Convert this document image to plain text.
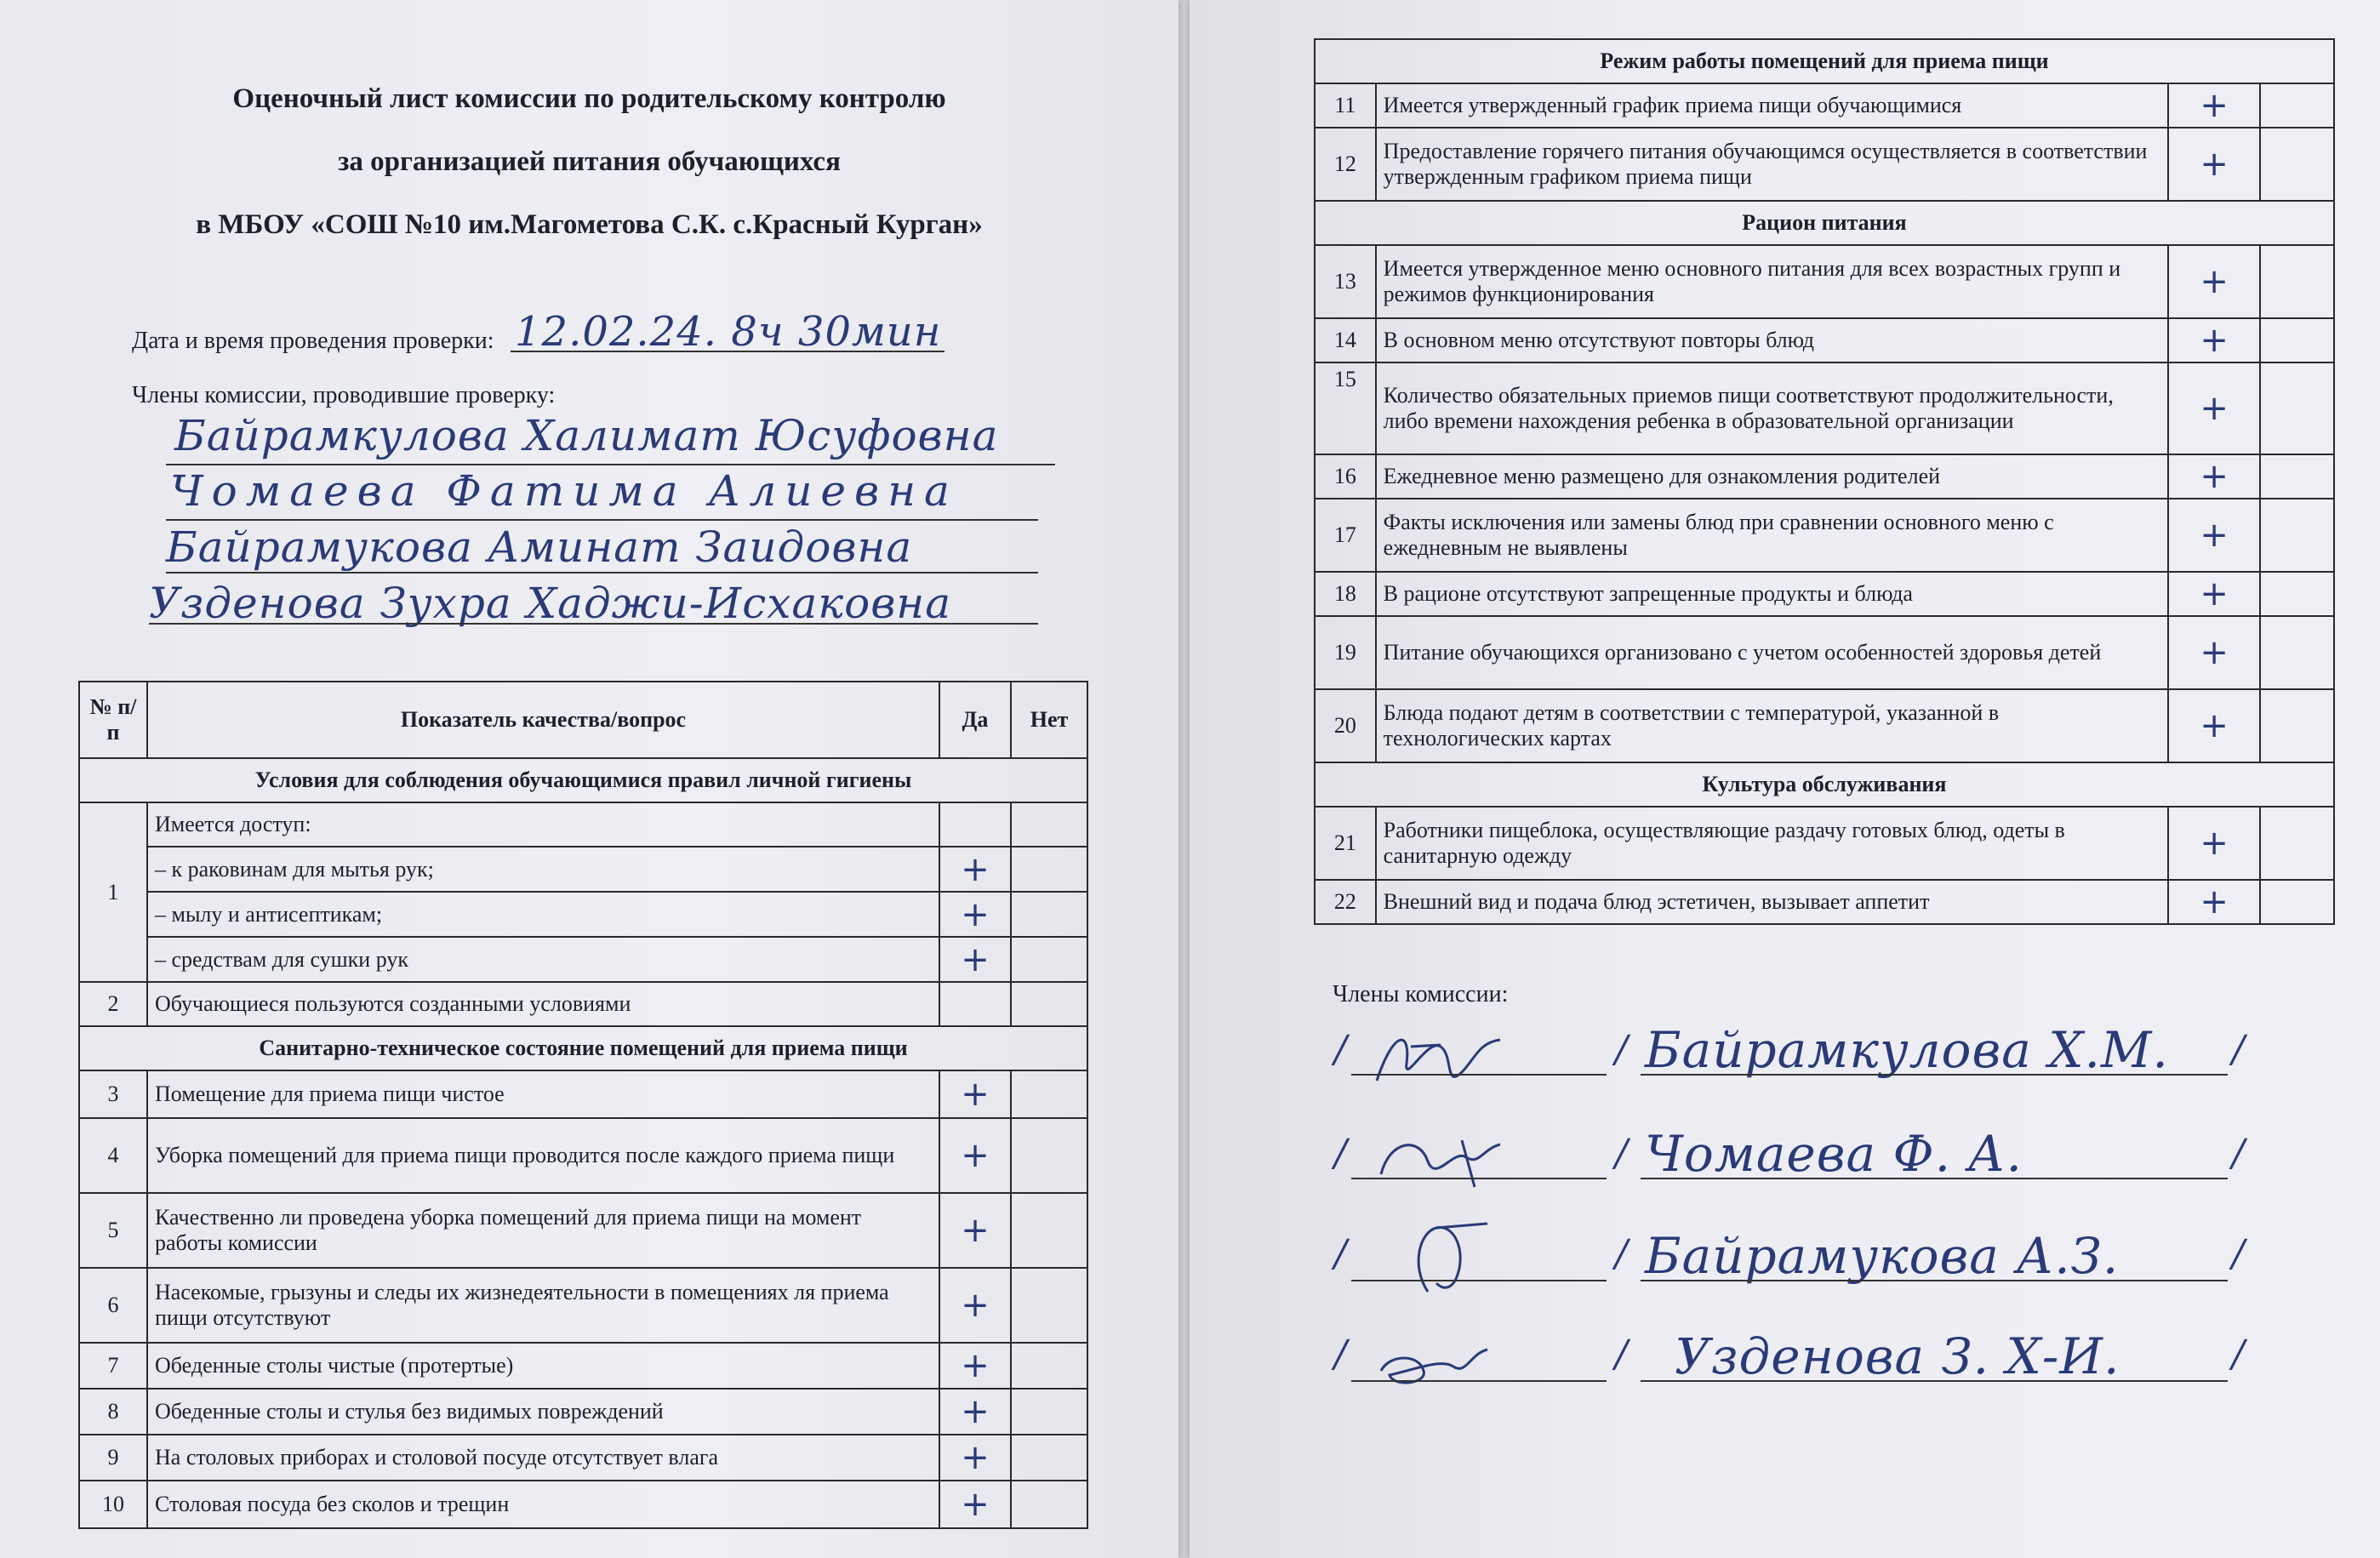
Оценочный лист комиссии по родительскому контролю
за организацией питания обучающихся
в МБОУ «СОШ №10 им.Магометова С.К. с.Красный Курган»
Дата и время проведения проверки: 12.02.24. 8ч 30мин
Члены комиссии, проводившие проверку:
Байрамкулова Халимат Юсуфовна
Чомаева Фатима Алиевна
Байрамукова Аминат Заидовна
Узденова Зухра Хаджи-Исхаковна
№ п/п	Показатель качества/вопрос	Да	Нет
Условия для соблюдения обучающимися правил личной гигиены			
1	Имеется доступ:		
	– к раковинам для мытья рук;	+	
	– мылу и антисептикам;	+	
	– средствам для сушки рук	+	
2	Обучающиеся пользуются созданными условиями		
Санитарно-техническое состояние помещений для приема пищи			
3	Помещение для приема пищи чистое	+	
4	Уборка помещений для приема пищи проводится после каждого приема пищи	+	
5	Качественно ли проведена уборка помещений для приема пищи на момент работы комиссии	+	
6	Насекомые, грызуны и следы их жизнедеятельности в помещениях ля приема пищи отсутствуют	+	
7	Обеденные столы чистые (протертые)	+	
8	Обеденные столы и стулья без видимых повреждений	+	
9	На столовых приборах и столовой посуде отсутствует влага	+	
10	Столовая посуда без сколов и трещин	+	
Режим работы помещений для приема пищи			
11	Имеется утвержденный график приема пищи обучающимися	+	
12	Предоставление горячего питания обучающимся осуществляется в соответствии утвержденным графиком приема пищи	+	
Рацион питания			
13	Имеется утвержденное меню основного питания для всех возрастных групп и режимов функционирования	+	
14	В основном меню отсутствуют повторы блюд	+	
15	Количество обязательных приемов пищи соответствуют продолжительности, либо времени нахождения ребенка в образовательной организации	+	
16	Ежедневное меню размещено для ознакомления родителей	+	
17	Факты исключения или замены блюд при сравнении основного меню с ежедневным не выявлены	+	
18	В рационе отсутствуют запрещенные продукты и блюда	+	
19	Питание обучающихся организовано с учетом особенностей здоровья детей	+	
20	Блюда подают детям в соответствии с температурой, указанной в технологических картах	+	
Культура обслуживания			
21	Работники пищеблока, осуществляющие раздачу готовых блюд, одеты в санитарную одежду	+	
22	Внешний вид и подача блюд эстетичен, вызывает аппетит	+	
Члены комиссии:
/	/ Байрамкулова Х.М. /
/	/ Чомаева Ф. А.	/
/	/ Байрамукова А.З.	/
/	/ Узденова З. Х-И.	/
